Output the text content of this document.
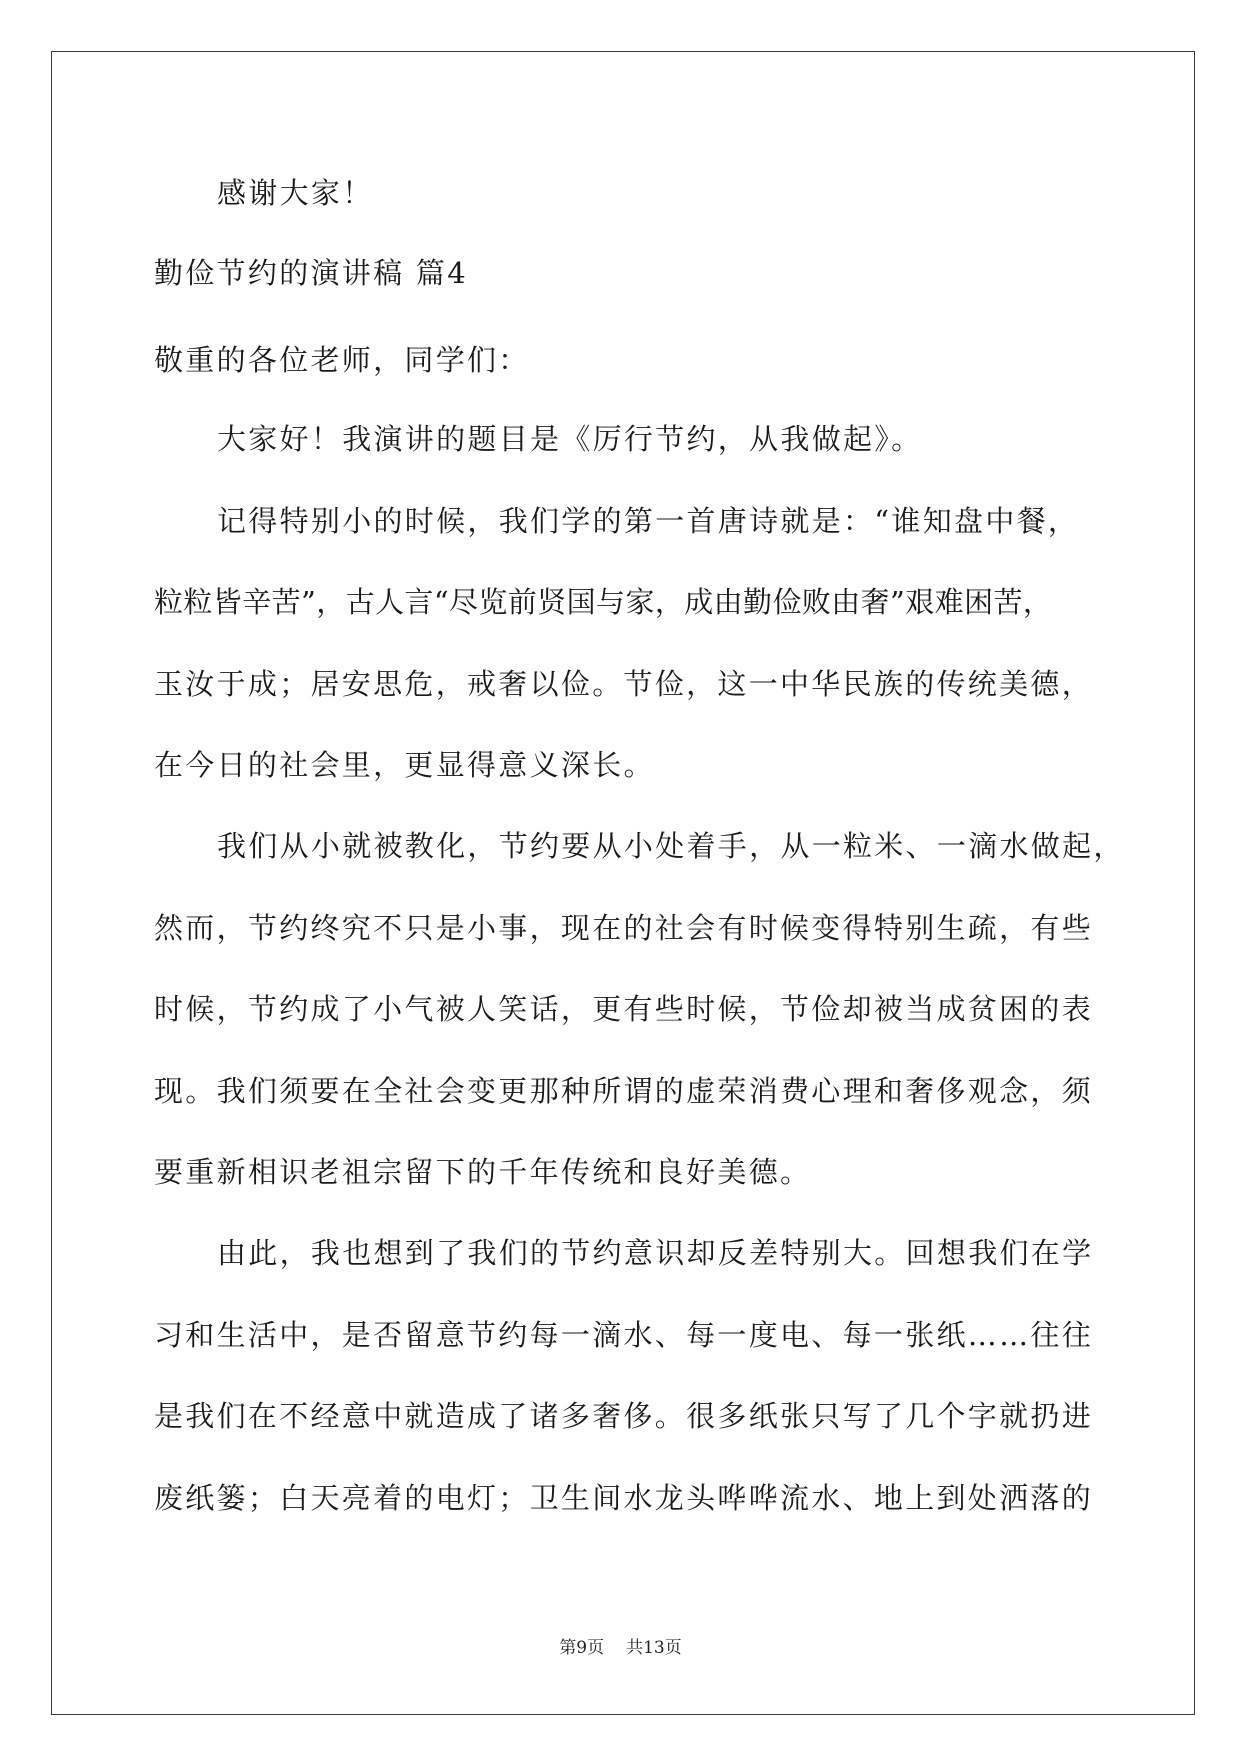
感谢大家！
勤俭节约的演讲稿 篇4
敬重的各位老师，同学们：
大家好！我演讲的题目是《厉行节约，从我做起》。
记得特别小的时候，我们学的第一首唐诗就是：“谁知盘中餐，
粒粒皆辛苦”，古人言“尽览前贤国与家，成由勤俭败由奢”艰难困苦，
玉汝于成；居安思危，戒奢以俭。节俭，这一中华民族的传统美德，
在今日的社会里，更显得意义深长。
我们从小就被教化，节约要从小处着手，从一粒米、一滴水做起，
然而，节约终究不只是小事，现在的社会有时候变得特别生疏，有些
时候，节约成了小气被人笑话，更有些时候，节俭却被当成贫困的表
现。我们须要在全社会变更那种所谓的虚荣消费心理和奢侈观念，须
要重新相识老祖宗留下的千年传统和良好美德。
由此，我也想到了我们的节约意识却反差特别大。回想我们在学
习和生活中，是否留意节约每一滴水、每一度电、每一张纸……往往
是我们在不经意中就造成了诸多奢侈。很多纸张只写了几个字就扔进
废纸篓；白天亮着的电灯；卫生间水龙头哗哗流水、地上到处洒落的
第9页 共13页
